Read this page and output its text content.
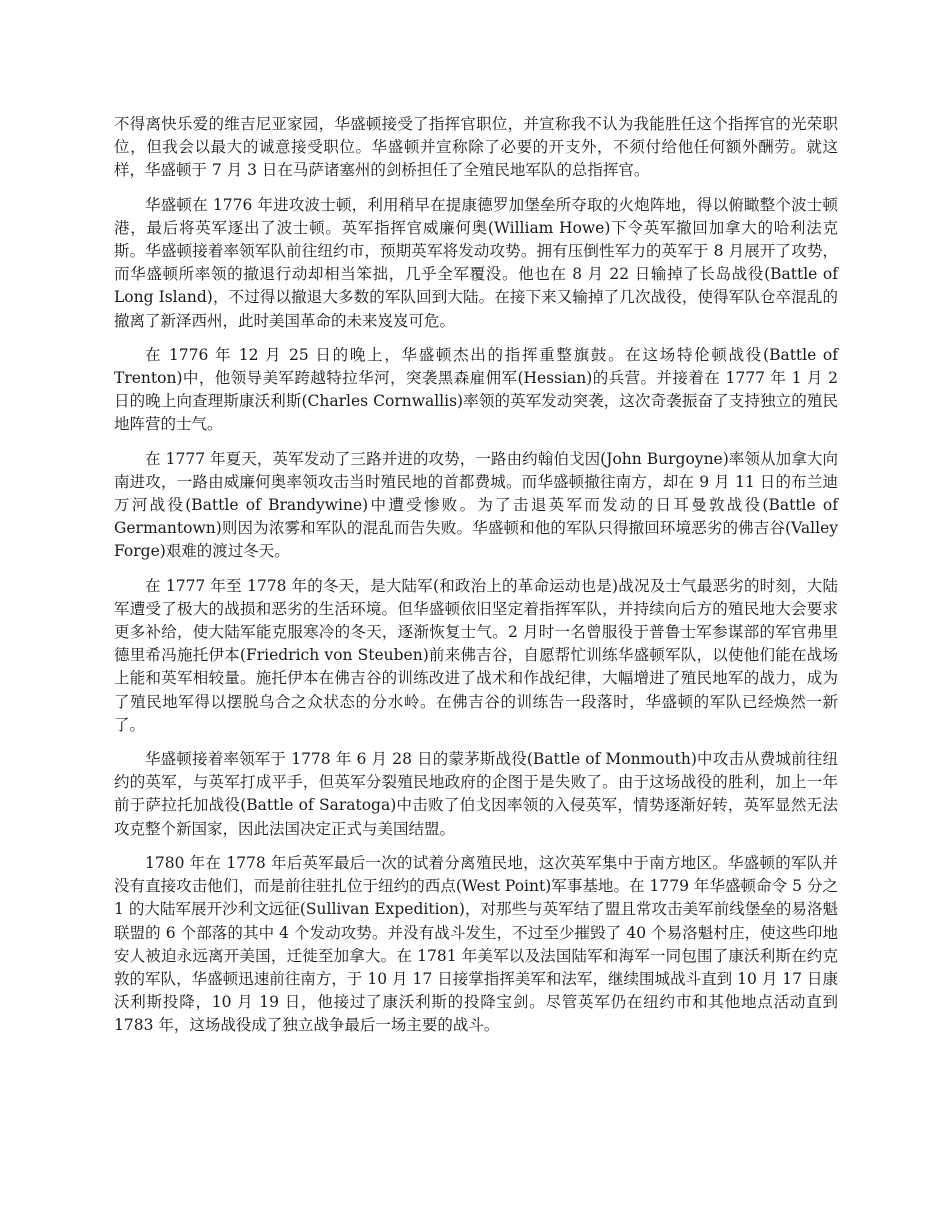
不得离快乐爱的维吉尼亚家园，华盛顿接受了指挥官职位，并宣称我不认为我能胜任这个指挥官的光荣职位，但我会以最大的诚意接受职位。华盛顿并宣称除了必要的开支外，不须付给他任何额外酬劳。就这样，华盛顿于 7 月 3 日在马萨诸塞州的剑桥担任了全殖民地军队的总指挥官。

华盛顿在 1776 年进攻波士顿，利用稍早在提康德罗加堡垒所夺取的火炮阵地，得以俯瞰整个波士顿港，最后将英军逐出了波士顿。英军指挥官威廉何奥(William Howe)下令英军撤回加拿大的哈利法克斯。华盛顿接着率领军队前往纽约市，预期英军将发动攻势。拥有压倒性军力的英军于 8 月展开了攻势，而华盛顿所率领的撤退行动却相当笨拙，几乎全军覆没。他也在 8 月 22 日输掉了长岛战役(Battle of Long Island)，不过得以撤退大多数的军队回到大陆。在接下来又输掉了几次战役，使得军队仓卒混乱的撤离了新泽西州，此时美国革命的未来岌岌可危。

在 1776 年 12 月 25 日的晚上，华盛顿杰出的指挥重整旗鼓。在这场特伦顿战役(Battle of Trenton)中，他领导美军跨越特拉华河，突袭黑森雇佣军(Hessian)的兵营。并接着在 1777 年 1 月 2 日的晚上向查理斯康沃利斯(Charles Cornwallis)率领的英军发动突袭，这次奇袭振奋了支持独立的殖民地阵营的士气。

在 1777 年夏天，英军发动了三路并进的攻势，一路由约翰伯戈因(John Burgoyne)率领从加拿大向南进攻，一路由威廉何奥率领攻击当时殖民地的首都费城。而华盛顿撤往南方，却在 9 月 11 日的布兰迪万河战役(Battle of Brandywine)中遭受惨败。为了击退英军而发动的日耳曼敦战役(Battle of Germantown)则因为浓雾和军队的混乱而告失败。华盛顿和他的军队只得撤回环境恶劣的佛吉谷(Valley Forge)艰难的渡过冬天。

在 1777 年至 1778 年的冬天，是大陆军(和政治上的革命运动也是)战况及士气最恶劣的时刻，大陆军遭受了极大的战损和恶劣的生活环境。但华盛顿依旧坚定着指挥军队，并持续向后方的殖民地大会要求更多补给，使大陆军能克服寒冷的冬天，逐渐恢复士气。2 月时一名曾服役于普鲁士军参谋部的军官弗里德里希冯施托伊本(Friedrich von Steuben)前来佛吉谷，自愿帮忙训练华盛顿军队，以使他们能在战场上能和英军相较量。施托伊本在佛吉谷的训练改进了战术和作战纪律，大幅增进了殖民地军的战力，成为了殖民地军得以摆脱乌合之众状态的分水岭。在佛吉谷的训练告一段落时，华盛顿的军队已经焕然一新了。

华盛顿接着率领军于 1778 年 6 月 28 日的蒙茅斯战役(Battle of Monmouth)中攻击从费城前往纽约的英军，与英军打成平手，但英军分裂殖民地政府的企图于是失败了。由于这场战役的胜利，加上一年前于萨拉托加战役(Battle of Saratoga)中击败了伯戈因率领的入侵英军，情势逐渐好转，英军显然无法攻克整个新国家，因此法国决定正式与美国结盟。

1780 年在 1778 年后英军最后一次的试着分离殖民地，这次英军集中于南方地区。华盛顿的军队并没有直接攻击他们，而是前往驻扎位于纽约的西点(West Point)军事基地。在 1779 年华盛顿命令 5 分之 1 的大陆军展开沙利文远征(Sullivan Expedition)，对那些与英军结了盟且常攻击美军前线堡垒的易洛魁联盟的 6 个部落的其中 4 个发动攻势。并没有战斗发生，不过至少摧毁了 40 个易洛魁村庄，使这些印地安人被迫永远离开美国，迁徙至加拿大。在 1781 年美军以及法国陆军和海军一同包围了康沃利斯在约克敦的军队，华盛顿迅速前往南方，于 10 月 17 日接掌指挥美军和法军，继续围城战斗直到 10 月 17 日康沃利斯投降，10 月 19 日，他接过了康沃利斯的投降宝剑。尽管英军仍在纽约市和其他地点活动直到 1783 年，这场战役成了独立战争最后一场主要的战斗。
